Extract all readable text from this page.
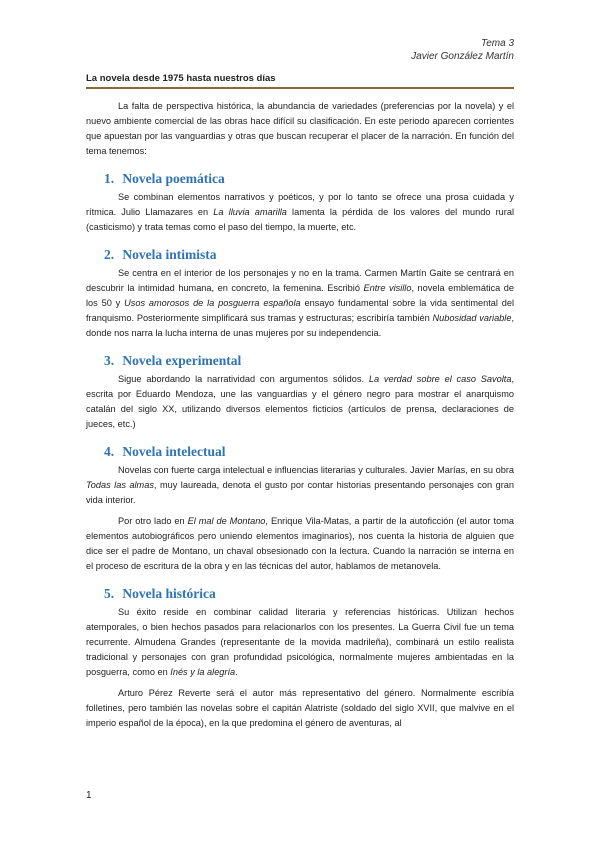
Tema 3
Javier González Martín
La novela desde 1975 hasta nuestros días

La falta de perspectiva histórica, la abundancia de variedades (preferencias por la novela) y el nuevo ambiente comercial de las obras hace difícil su clasificación. En este periodo aparecen corrientes que apuestan por las vanguardias y otras que buscan recuperar el placer de la narración. En función del tema tenemos:

1. Novela poemática

Se combinan elementos narrativos y poéticos, y por lo tanto se ofrece una prosa cuidada y rítmica. Julio Llamazares en La lluvia amarilla lamenta la pérdida de los valores del mundo rural (casticismo) y trata temas como el paso del tiempo, la muerte, etc.

2. Novela intimista

Se centra en el interior de los personajes y no en la trama. Carmen Martín Gaite se centrará en descubrir la intimidad humana, en concreto, la femenina. Escribió Entre visillo, novela emblemática de los 50 y Usos amorosos de la posguerra española ensayo fundamental sobre la vida sentimental del franquismo. Posteriormente simplificará sus tramas y estructuras; escribiría también Nubosidad variable, donde nos narra la lucha interna de unas mujeres por su independencia.

3. Novela experimental

Sigue abordando la narratividad con argumentos sólidos. La verdad sobre el caso Savolta, escrita por Eduardo Mendoza, une las vanguardias y el género negro para mostrar el anarquismo catalán del siglo XX, utilizando diversos elementos ficticios (artículos de prensa, declaraciones de jueces, etc.)

4. Novela intelectual

Novelas con fuerte carga intelectual e influencias literarias y culturales. Javier Marías, en su obra Todas las almas, muy laureada, denota el gusto por contar historias presentando personajes con gran vida interior.

Por otro lado en El mal de Montano, Enrique Vila-Matas, a partir de la autoficción (el autor toma elementos autobiográficos pero uniendo elementos imaginarios), nos cuenta la historia de alguien que dice ser el padre de Montano, un chaval obsesionado con la lectura. Cuando la narración se interna en el proceso de escritura de la obra y en las técnicas del autor, hablamos de metanovela.

5. Novela histórica

Su éxito reside en combinar calidad literaria y referencias históricas. Utilizan hechos atemporales, o bien hechos pasados para relacionarlos con los presentes. La Guerra Civil fue un tema recurrente. Almudena Grandes (representante de la movida madrileña), combinará un estilo realista tradicional y personajes con gran profundidad psicológica, normalmente mujeres ambientadas en la posguerra, como en Inés y la alegría.

Arturo Pérez Reverte será el autor más representativo del género. Normalmente escribía folletines, pero también las novelas sobre el capitán Alatriste (soldado del siglo XVII, que malvive en el imperio español de la época), en la que predomina el género de aventuras, al

1
